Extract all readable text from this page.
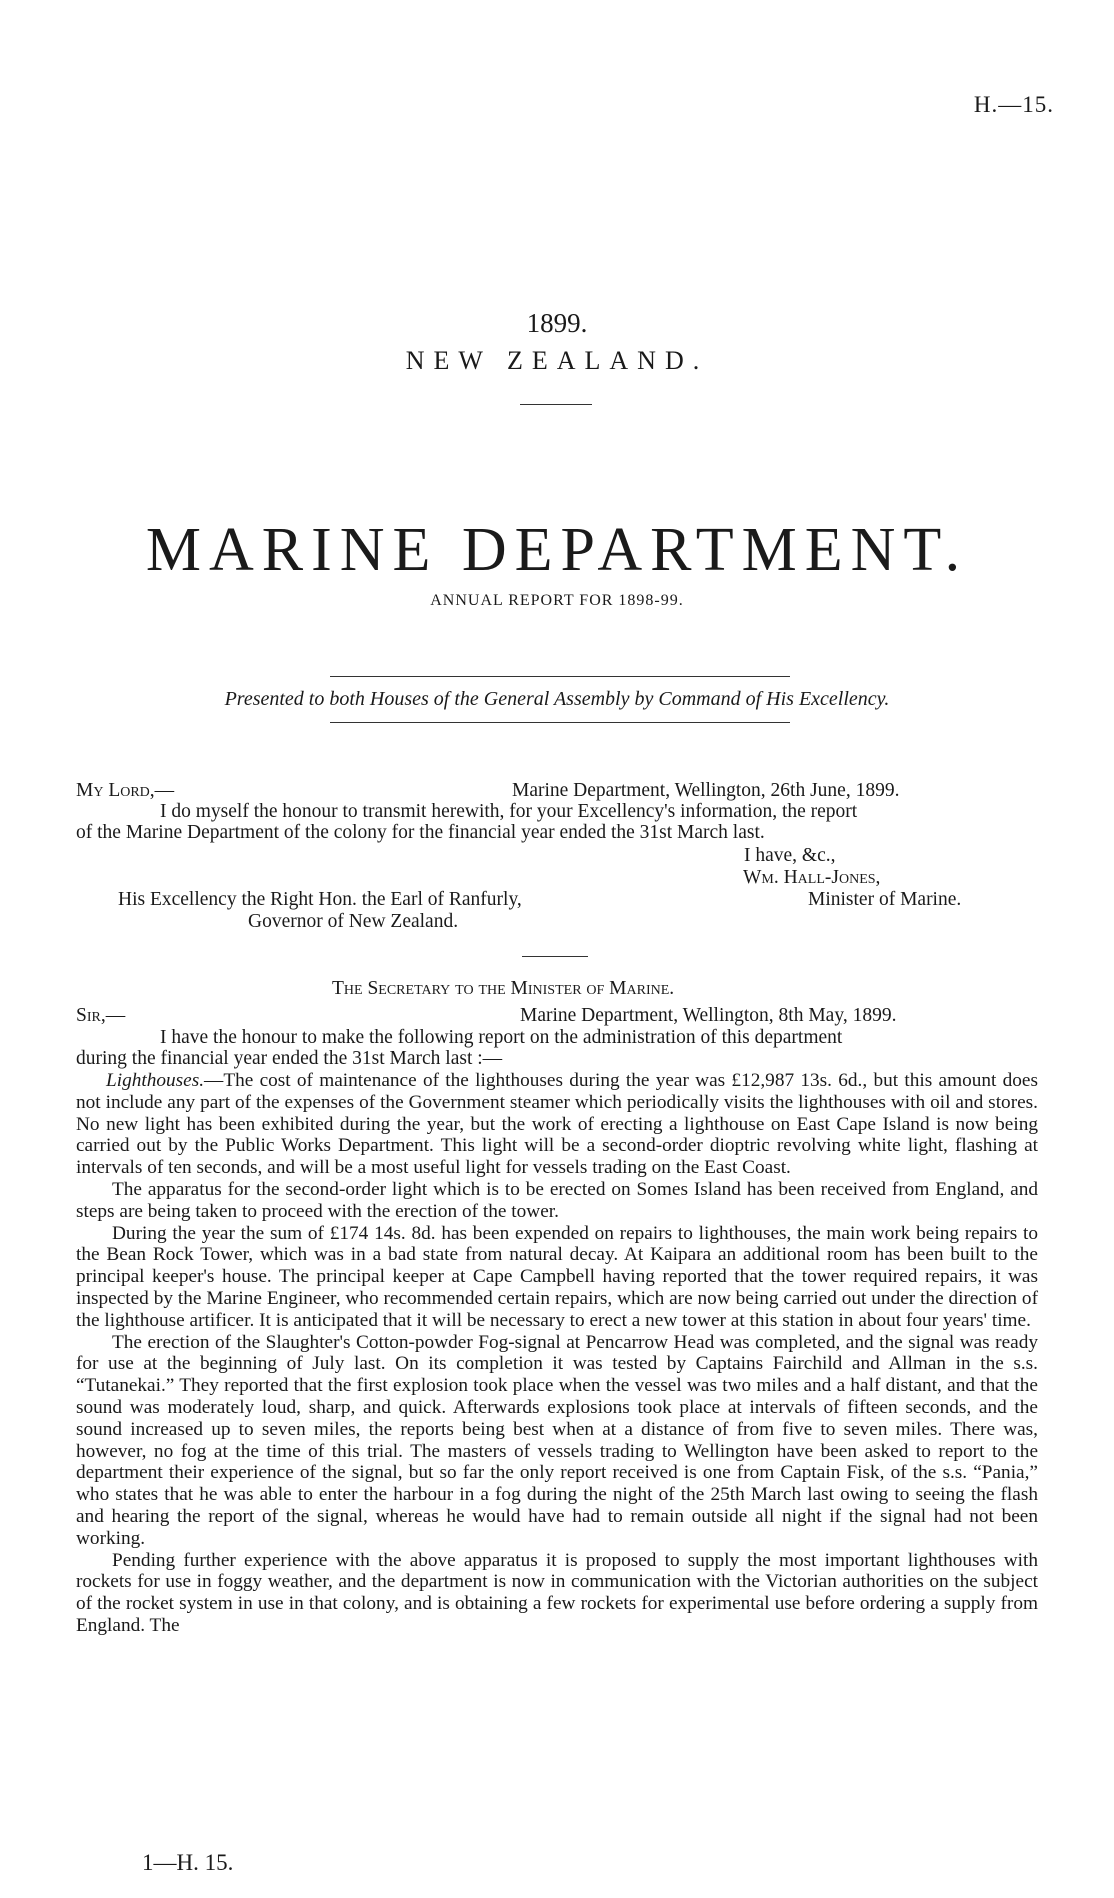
H.—15.
1899.
NEW ZEALAND.
MARINE DEPARTMENT.
ANNUAL REPORT FOR 1898-99.
Presented to both Houses of the General Assembly by Command of His Excellency.
My Lord,—	Marine Department, Wellington, 26th June, 1899.
I do myself the honour to transmit herewith, for your Excellency's information, the report
of the Marine Department of the colony for the financial year ended the 31st March last.
I have, &c.,
Wm. Hall-Jones,
His Excellency the Right Hon. the Earl of Ranfurly,	Minister of Marine.
Governor of New Zealand.
The Secretary to the Minister of Marine.
Sir,—	Marine Department, Wellington, 8th May, 1899.
I have the honour to make the following report on the administration of this department
during the financial year ended the 31st March last :—

Lighthouses.—The cost of maintenance of the lighthouses during the year was £12,987 13s. 6d., but this amount does not include any part of the expenses of the Government steamer which periodically visits the lighthouses with oil and stores. No new light has been exhibited during the year, but the work of erecting a lighthouse on East Cape Island is now being carried out by the Public Works Department. This light will be a second-order dioptric revolving white light, flashing at intervals of ten seconds, and will be a most useful light for vessels trading on the East Coast.

The apparatus for the second-order light which is to be erected on Somes Island has been received from England, and steps are being taken to proceed with the erection of the tower.

During the year the sum of £174 14s. 8d. has been expended on repairs to lighthouses, the main work being repairs to the Bean Rock Tower, which was in a bad state from natural decay. At Kaipara an additional room has been built to the principal keeper's house. The principal keeper at Cape Campbell having reported that the tower required repairs, it was inspected by the Marine Engineer, who recommended certain repairs, which are now being carried out under the direction of the lighthouse artificer. It is anticipated that it will be necessary to erect a new tower at this station in about four years' time.

The erection of the Slaughter's Cotton-powder Fog-signal at Pencarrow Head was completed, and the signal was ready for use at the beginning of July last. On its completion it was tested by Captains Fairchild and Allman in the s.s. “Tutanekai.” They reported that the first explosion took place when the vessel was two miles and a half distant, and that the sound was moderately loud, sharp, and quick. Afterwards explosions took place at intervals of fifteen seconds, and the sound increased up to seven miles, the reports being best when at a distance of from five to seven miles. There was, however, no fog at the time of this trial. The masters of vessels trading to Wellington have been asked to report to the department their experience of the signal, but so far the only report received is one from Captain Fisk, of the s.s. “Pania,” who states that he was able to enter the harbour in a fog during the night of the 25th March last owing to seeing the flash and hearing the report of the signal, whereas he would have had to remain outside all night if the signal had not been working.

Pending further experience with the above apparatus it is proposed to supply the most important lighthouses with rockets for use in foggy weather, and the department is now in communication with the Victorian authorities on the subject of the rocket system in use in that colony, and is obtaining a few rockets for experimental use before ordering a supply from England. The

1—H. 15.
